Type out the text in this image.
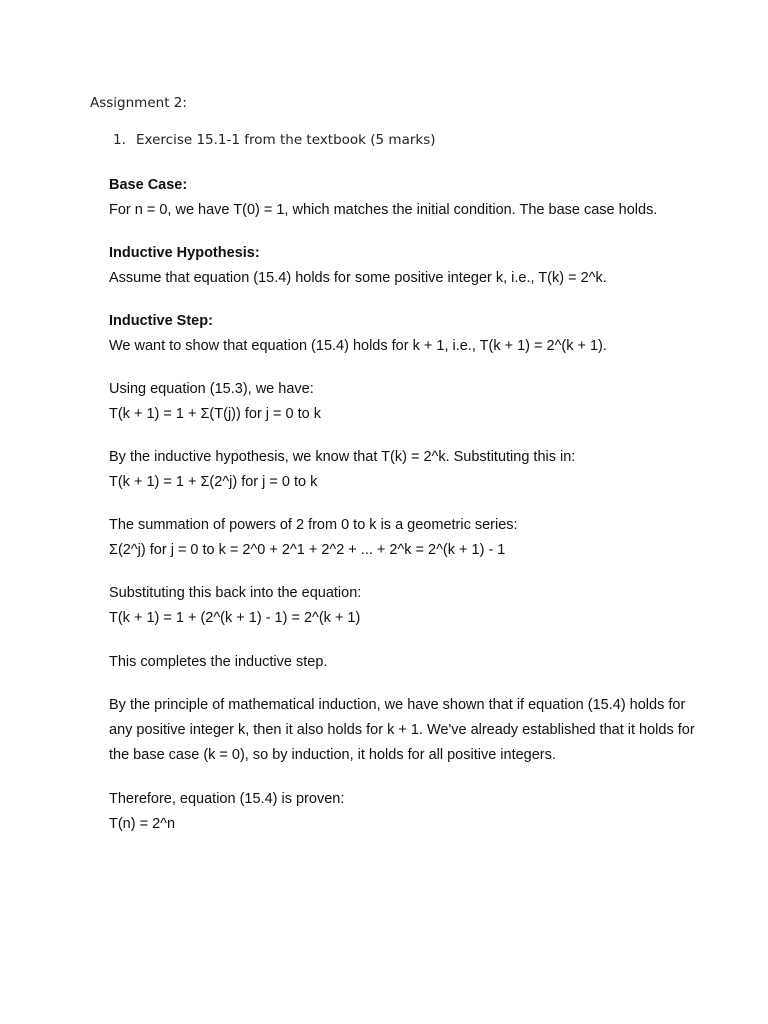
Assignment 2:
1. Exercise 15.1-1 from the textbook (5 marks)
Base Case:
For n = 0, we have T(0) = 1, which matches the initial condition. The base case holds.
Inductive Hypothesis:
Assume that equation (15.4) holds for some positive integer k, i.e., T(k) = 2^k.
Inductive Step:
We want to show that equation (15.4) holds for k + 1, i.e., T(k + 1) = 2^(k + 1).
Using equation (15.3), we have:
T(k + 1) = 1 + Σ(T(j)) for j = 0 to k
By the inductive hypothesis, we know that T(k) = 2^k. Substituting this in:
T(k + 1) = 1 + Σ(2^j) for j = 0 to k
The summation of powers of 2 from 0 to k is a geometric series:
Σ(2^j) for j = 0 to k = 2^0 + 2^1 + 2^2 + ... + 2^k = 2^(k + 1) - 1
Substituting this back into the equation:
T(k + 1) = 1 + (2^(k + 1) - 1) = 2^(k + 1)
This completes the inductive step.
By the principle of mathematical induction, we have shown that if equation (15.4) holds for
any positive integer k, then it also holds for k + 1. We've already established that it holds for
the base case (k = 0), so by induction, it holds for all positive integers.
Therefore, equation (15.4) is proven:
T(n) = 2^n
